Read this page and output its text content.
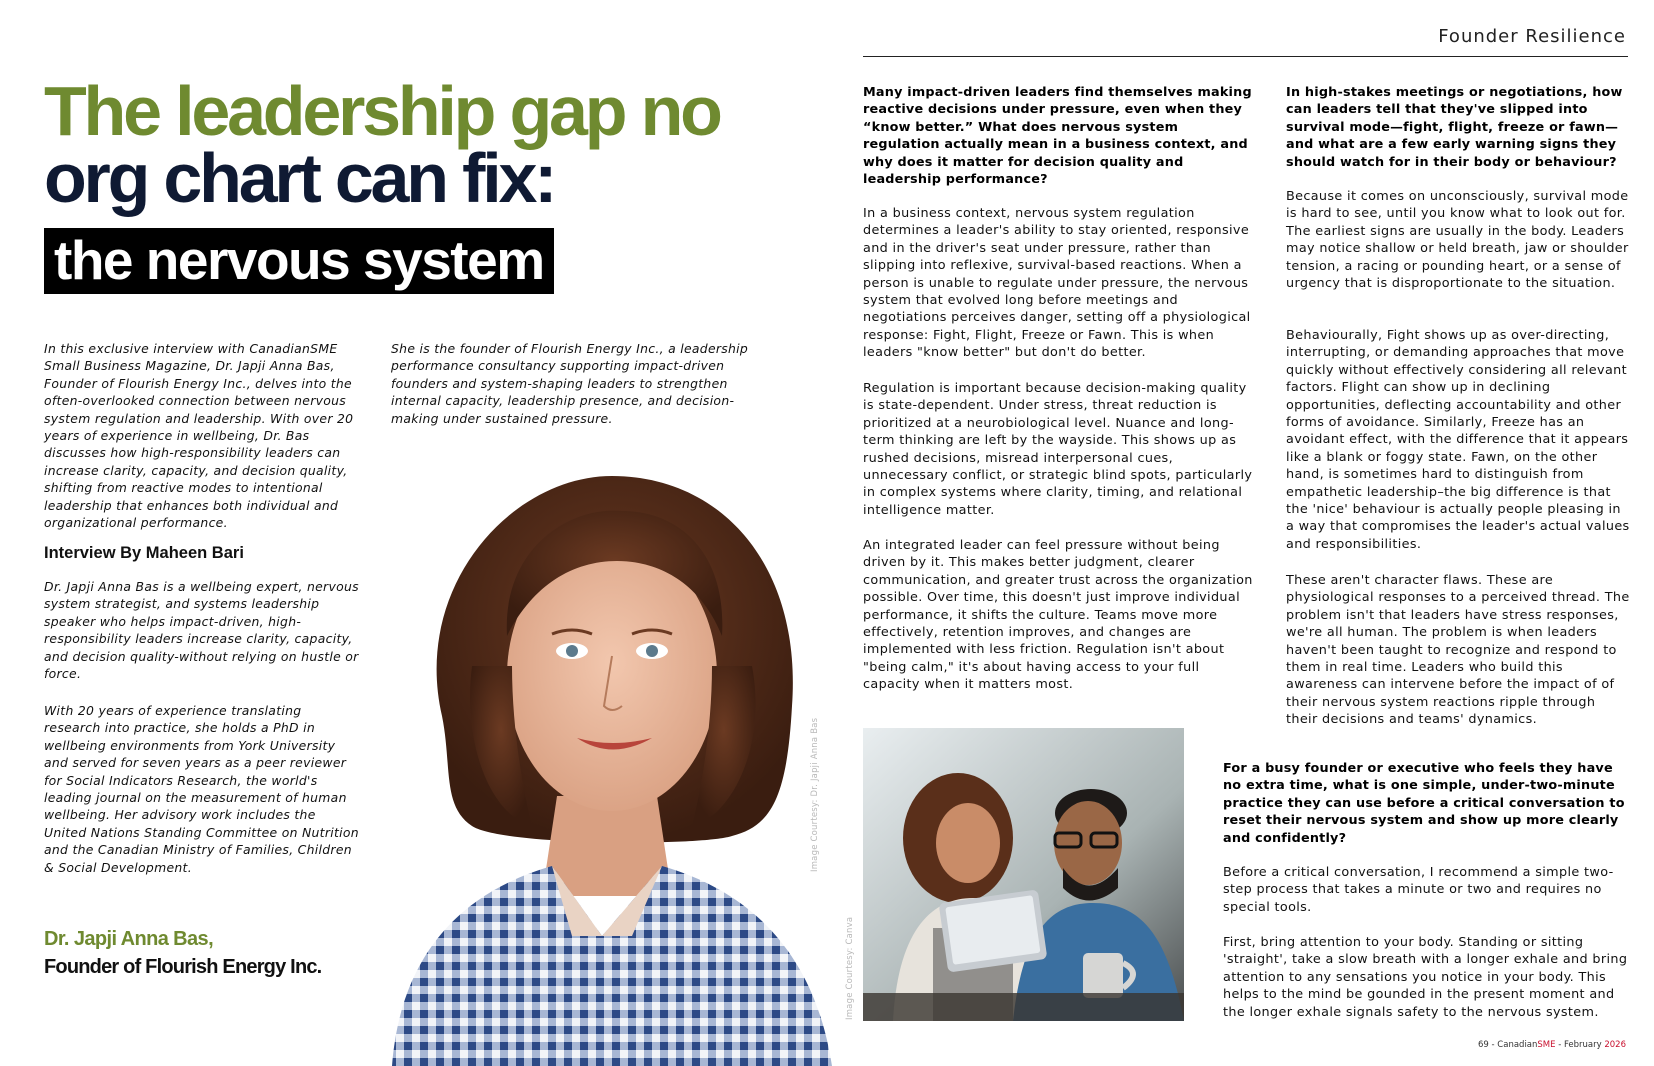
The leadership gap no
org chart can fix:
the nervous system

In this exclusive interview with CanadianSME Small Business Magazine, Dr. Japji Anna Bas, Founder of Flourish Energy Inc., delves into the often-overlooked connection between nervous system regulation and leadership. With over 20 years of experience in wellbeing, Dr. Bas discusses how high-responsibility leaders can increase clarity, capacity, and decision quality, shifting from reactive modes to intentional leadership that enhances both individual and organizational performance.

She is the founder of Flourish Energy Inc., a leadership performance consultancy supporting impact-driven founders and system-shaping leaders to strengthen internal capacity, leadership presence, and decision-making under sustained pressure.

Interview By Maheen Bari

Dr. Japji Anna Bas is a wellbeing expert, nervous system strategist, and systems leadership speaker who helps impact-driven, high-responsibility leaders increase clarity, capacity, and decision quality-without relying on hustle or force.

With 20 years of experience translating research into practice, she holds a PhD in wellbeing environments from York University and served for seven years as a peer reviewer for Social Indicators Research, the world's leading journal on the measurement of human wellbeing. Her advisory work includes the United Nations Standing Committee on Nutrition and the Canadian Ministry of Families, Children & Social Development.

Dr. Japji Anna Bas,
Founder of Flourish Energy Inc.
Image Courtesy: Dr. Japji Anna Bas
Founder Resilience

Many impact-driven leaders find themselves making reactive decisions under pressure, even when they “know better.” What does nervous system regulation actually mean in a business context, and why does it matter for decision quality and leadership performance?

In a business context, nervous system regulation determines a leader's ability to stay oriented, responsive and in the driver's seat under pressure, rather than slipping into reflexive, survival-based reactions. When a person is unable to regulate under pressure, the nervous system that evolved long before meetings and negotiations perceives danger, setting off a physiological response: Fight, Flight, Freeze or Fawn. This is when leaders "know better" but don't do better.

Regulation is important because decision-making quality is state-dependent. Under stress, threat reduction is prioritized at a neurobiological level. Nuance and long-term thinking are left by the wayside. This shows up as rushed decisions, misread interpersonal cues, unnecessary conflict, or strategic blind spots, particularly in complex systems where clarity, timing, and relational intelligence matter.

An integrated leader can feel pressure without being driven by it. This makes better judgment, clearer communication, and greater trust across the organization possible. Over time, this doesn't just improve individual performance, it shifts the culture. Teams move more effectively, retention improves, and changes are implemented with less friction. Regulation isn't about "being calm," it's about having access to your full capacity when it matters most.

In high-stakes meetings or negotiations, how can leaders tell that they've slipped into survival mode—fight, flight, freeze or fawn—and what are a few early warning signs they should watch for in their body or behaviour?

Because it comes on unconsciously, survival mode is hard to see, until you know what to look out for. The earliest signs are usually in the body. Leaders may notice shallow or held breath, jaw or shoulder tension, a racing or pounding heart, or a sense of urgency that is disproportionate to the situation.

Behaviourally, Fight shows up as over-directing, interrupting, or demanding approaches that move quickly without effectively considering all relevant factors. Flight can show up in declining opportunities, deflecting accountability and other forms of avoidance. Similarly, Freeze has an avoidant effect, with the difference that it appears like a blank or foggy state. Fawn, on the other hand, is sometimes hard to distinguish from empathetic leadership–the big difference is that the 'nice' behaviour is actually people pleasing in a way that compromises the leader's actual values and responsibilities.

These aren't character flaws. These are physiological responses to a perceived thread. The problem isn't that leaders have stress responses, we're all human. The problem is when leaders haven't been taught to recognize and respond to them in real time. Leaders who build this awareness can intervene before the impact of of their nervous system reactions ripple through their decisions and teams' dynamics.

Image Courtesy: Canva

For a busy founder or executive who feels they have no extra time, what is one simple, under-two-minute practice they can use before a critical conversation to reset their nervous system and show up more clearly and confidently?

Before a critical conversation, I recommend a simple two-step process that takes a minute or two and requires no special tools.

First, bring attention to your body. Standing or sitting 'straight', take a slow breath with a longer exhale and bring attention to any sensations you notice in your body. This helps to the mind be gounded in the present moment and the longer exhale signals safety to the nervous system.

69 - CanadianSME - February 2026
